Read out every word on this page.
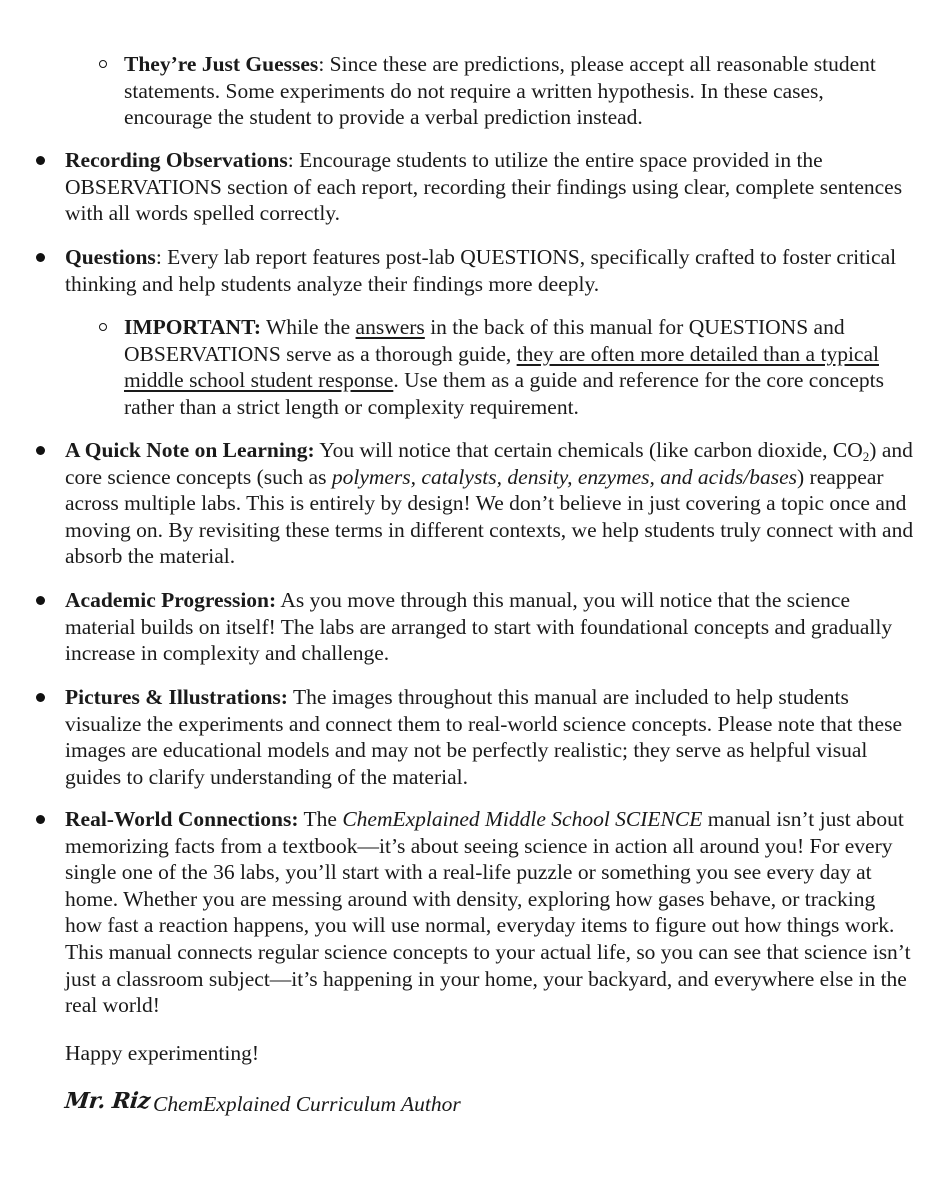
They’re Just Guesses: Since these are predictions, please accept all reasonable student statements. Some experiments do not require a written hypothesis. In these cases, encourage the student to provide a verbal prediction instead.
Recording Observations: Encourage students to utilize the entire space provided in the OBSERVATIONS section of each report, recording their findings using clear, complete sentences with all words spelled correctly.
Questions: Every lab report features post-lab QUESTIONS, specifically crafted to foster critical thinking and help students analyze their findings more deeply.
IMPORTANT: While the answers in the back of this manual for QUESTIONS and OBSERVATIONS serve as a thorough guide, they are often more detailed than a typical middle school student response. Use them as a guide and reference for the core concepts rather than a strict length or complexity requirement.
A Quick Note on Learning: You will notice that certain chemicals (like carbon dioxide, $CO_2$) and core science concepts (such as polymers, catalysts, density, enzymes, and acids/bases) reappear across multiple labs. This is entirely by design! We don’t believe in just covering a topic once and moving on. By revisiting these terms in different contexts, we help students truly connect with and absorb the material.
Academic Progression: As you move through this manual, you will notice that the science material builds on itself! The labs are arranged to start with foundational concepts and gradually increase in complexity and challenge.
Pictures & Illustrations: The images throughout this manual are included to help students visualize the experiments and connect them to real-world science concepts. Please note that these images are educational models and may not be perfectly realistic; they serve as helpful visual guides to clarify understanding of the material.
Real-World Connections: The ChemExplained Middle School SCIENCE manual isn’t just about memorizing facts from a textbook—it’s about seeing science in action all around you! For every single one of the 36 labs, you’ll start with a real-life puzzle or something you see every day at home. Whether you are messing around with density, exploring how gases behave, or tracking how fast a reaction happens, you will use normal, everyday items to figure out how things work. This manual connects regular science concepts to your actual life, so you can see that science isn’t just a classroom subject—it’s happening in your home, your backyard, and everywhere else in the real world!
Happy experimenting!
Mr. Riz ChemExplained Curriculum Author
